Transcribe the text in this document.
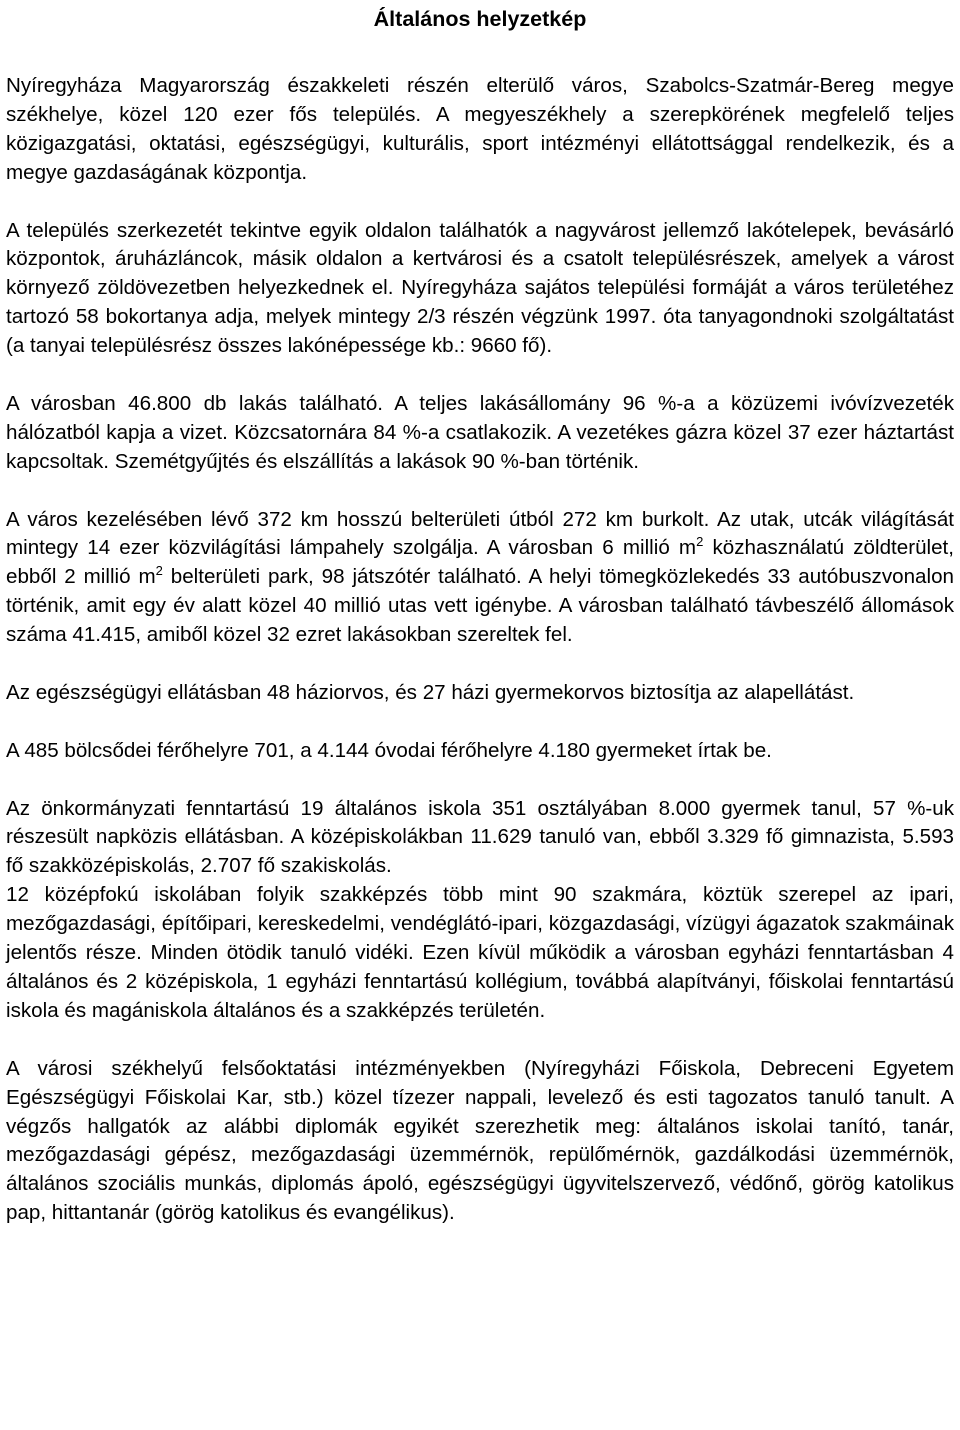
Általános helyzetkép

Nyíregyháza Magyarország északkeleti részén elterülő város, Szabolcs-Szatmár-Bereg megye székhelye, közel 120 ezer fős település. A megyeszékhely a szerepkörének megfelelő teljes közigazgatási, oktatási, egészségügyi, kulturális, sport intézményi ellátottsággal rendelkezik, és a megye gazdaságának központja.

A település szerkezetét tekintve egyik oldalon találhatók a nagyvárost jellemző lakótelepek, bevásárló központok, áruházláncok, másik oldalon a kertvárosi és a csatolt településrészek, amelyek a várost környező zöldövezetben helyezkednek el. Nyíregyháza sajátos települési formáját a város területéhez tartozó 58 bokortanya adja, melyek mintegy 2/3 részén végzünk 1997. óta tanyagondnoki szolgáltatást (a tanyai településrész összes lakónépessége kb.: 9660 fő).

A városban 46.800 db lakás található. A teljes lakásállomány 96 %-a a közüzemi ivóvízvezeték hálózatból kapja a vizet. Közcsatornára 84 %-a csatlakozik. A vezetékes gázra közel 37 ezer háztartást kapcsoltak. Szemétgyűjtés és elszállítás a lakások 90 %-ban történik.

A város kezelésében lévő 372 km hosszú belterületi útból 272 km burkolt. Az utak, utcák világítását mintegy 14 ezer közvilágítási lámpahely szolgálja. A városban 6 millió $m^2$ közhasználatú zöldterület, ebből 2 millió $m^2$ belterületi park, 98 játszótér található. A helyi tömegközlekedés 33 autóbuszvonalon történik, amit egy év alatt közel 40 millió utas vett igénybe. A városban található távbeszélő állomások száma 41.415, amiből közel 32 ezret lakásokban szereltek fel.

Az egészségügyi ellátásban 48 háziorvos, és 27 házi gyermekorvos biztosítja az alapellátást.

A 485 bölcsődei férőhelyre 701, a 4.144 óvodai férőhelyre 4.180 gyermeket írtak be.

Az önkormányzati fenntartású 19 általános iskola 351 osztályában 8.000 gyermek tanul, 57 %-uk részesült napközis ellátásban. A középiskolákban 11.629 tanuló van, ebből 3.329 fő gimnazista, 5.593 fő szakközépiskolás, 2.707 fő szakiskolás.

12 középfokú iskolában folyik szakképzés több mint 90 szakmára, köztük szerepel az ipari, mezőgazdasági, építőipari, kereskedelmi, vendéglátó-ipari, közgazdasági, vízügyi ágazatok szakmáinak jelentős része. Minden ötödik tanuló vidéki. Ezen kívül működik a városban egyházi fenntartásban 4 általános és 2 középiskola, 1 egyházi fenntartású kollégium, továbbá alapítványi, főiskolai fenntartású iskola és magániskola általános és a szakképzés területén.

A városi székhelyű felsőoktatási intézményekben (Nyíregyházi Főiskola, Debreceni Egyetem Egészségügyi Főiskolai Kar, stb.) közel tízezer nappali, levelező és esti tagozatos tanuló tanult. A végzős hallgatók az alábbi diplomák egyikét szerezhetik meg: általános iskolai tanító, tanár, mezőgazdasági gépész, mezőgazdasági üzemmérnök, repülőmérnök, gazdálkodási üzemmérnök, általános szociális munkás, diplomás ápoló, egészségügyi ügyvitelszervező, védőnő, görög katolikus pap, hittantanár (görög katolikus és evangélikus).
